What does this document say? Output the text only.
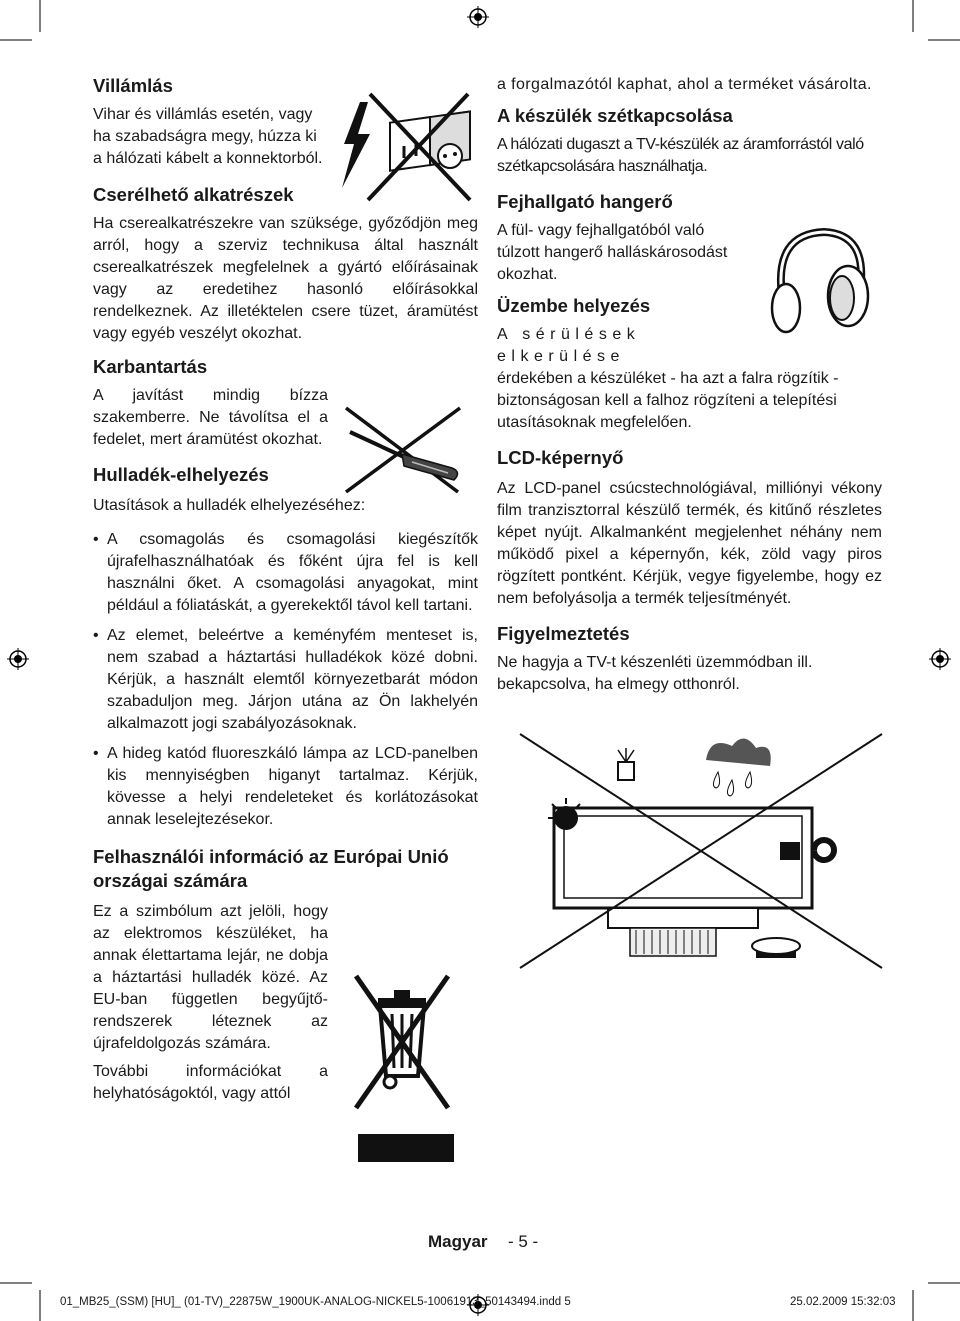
Villámlás

Vihar és villámlás esetén, vagy ha szabadságra megy, húzza ki a hálózati kábelt a konnektorból.

Cserélhető alkatrészek

Ha cserealkatrészekre van szüksége, győződjön meg arról, hogy a szerviz technikusa által használt cserealkatrészek megfelelnek a gyártó előírásainak vagy az eredetihez hasonló előírásokkal rendelkeznek. Az illetéktelen csere tüzet, áramütést vagy egyéb veszélyt okozhat.

Karbantartás

A javítást mindig bízza szakemberre. Ne távolítsa el a fedelet, mert áramütést okozhat.

Hulladék-elhelyezés

Utasítások a hulladék elhelyezéséhez:

• A csomagolás és csomagolási kiegészítők újrafelhasználhatóak és főként újra fel is kell használni őket. A csomagolási anyagokat, mint például a fóliatáskát, a gyerekektől távol kell tartani.
• Az elemet, beleértve a keményfém menteset is, nem szabad a háztartási hulladékok közé dobni. Kérjük, a használt elemtől környezetbarát módon szabaduljon meg. Járjon utána az Ön lakhelyén alkalmazott jogi szabályozásoknak.
• A hideg katód fluoreszkáló lámpa az LCD-panelben kis mennyiségben higanyt tartalmaz. Kérjük, kövesse a helyi rendeleteket és korlátozásokat annak leselejtezésekor.
Felhasználói információ az Európai Unió országai számára

Ez a szimbólum azt jelöli, hogy az elektromos készüléket, ha annak élettartama lejár, ne dobja a háztartási hulladék közé. Az EU-ban független begyűjtő-rendszerek léteznek az újrafeldolgozás számára.

További információkat a helyhatóságoktól, vagy attól

a forgalmazótól kaphat, ahol a terméket vásárolta.

A készülék szétkapcsolása

A hálózati dugaszt a TV-készülék az áramforrástól való szétkapcsolására használhatja.

Fejhallgató hangerő

A fül- vagy fejhallgatóból való túlzott hangerő halláskárosodást okozhat.

Üzembe helyezés

A sérülések elkerülése

érdekében a készüléket - ha azt a falra rögzítik - biztonságosan kell a falhoz rögzíteni a telepítési utasításoknak megfelelően.

LCD-képernyő

Az LCD-panel csúcstechnológiával, milliónyi vékony film tranzisztorral készülő termék, és kitűnő részletes képet nyújt. Alkalmanként megjelenhet néhány nem működő pixel a képernyőn, kék, zöld vagy piros rögzített pontként. Kérjük, vegye figyelembe, hogy ez nem befolyásolja a termék teljesítményét.

Figyelmeztetés

Ne hagyja a TV-t készenléti üzemmódban ill. bekapcsolva, ha elmegy otthonról.

Magyar - 5 -
01_MB25_(SSM) [HU]_ (01-TV)_22875W_1900UK-ANALOG-NICKEL5-10061913_50143494.indd 5	25.02.2009 15:32:03
